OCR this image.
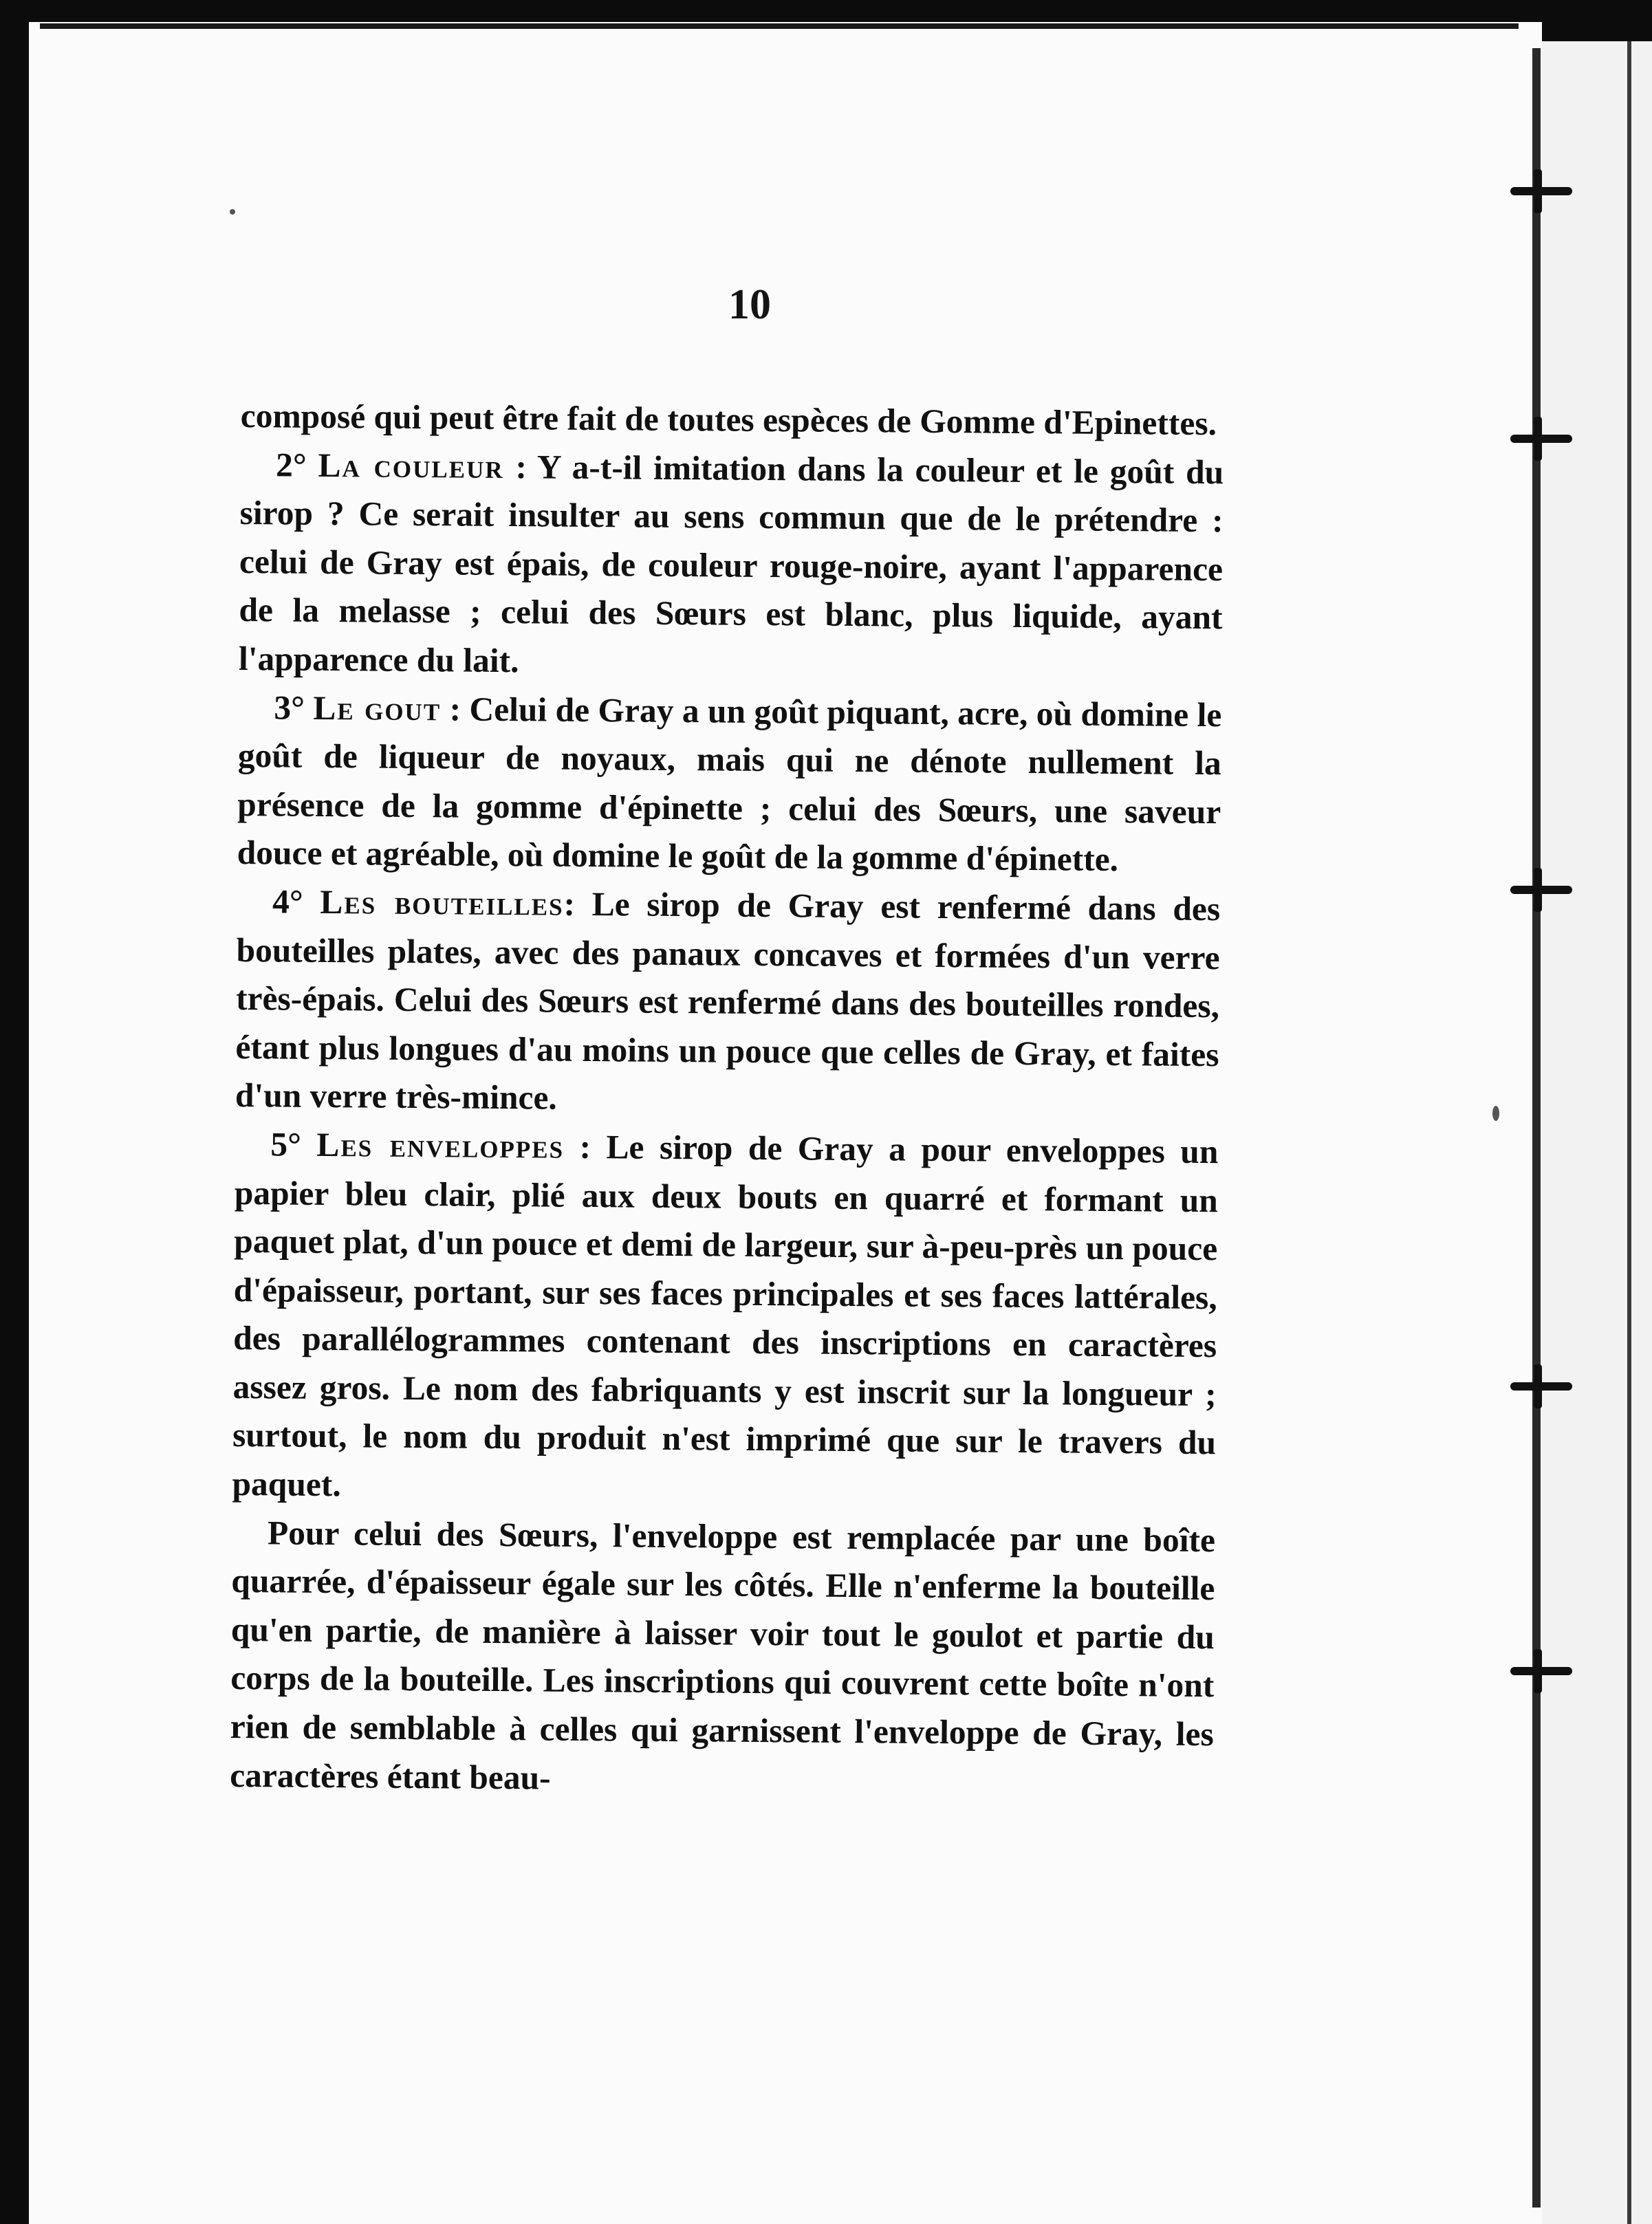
10

composé qui peut être fait de toutes espèces de Gomme d'Epinettes.

2° La couleur : Y a-t-il imitation dans la couleur et le goût du sirop ? Ce serait insulter au sens commun que de le prétendre : celui de Gray est épais, de couleur rouge-noire, ayant l'apparence de la melasse ; celui des Sœurs est blanc, plus liquide, ayant l'apparence du lait.

3° Le gout : Celui de Gray a un goût piquant, acre, où domine le goût de liqueur de noyaux, mais qui ne dénote nullement la présence de la gomme d'épinette ; celui des Sœurs, une saveur douce et agréable, où domine le goût de la gomme d'épinette.

4° Les bouteilles: Le sirop de Gray est renfermé dans des bouteilles plates, avec des panaux concaves et formées d'un verre très-épais. Celui des Sœurs est renfermé dans des bouteilles rondes, étant plus longues d'au moins un pouce que celles de Gray, et faites d'un verre très-mince.

5° Les enveloppes : Le sirop de Gray a pour enveloppes un papier bleu clair, plié aux deux bouts en quarré et formant un paquet plat, d'un pouce et demi de largeur, sur à-peu-près un pouce d'épaisseur, portant, sur ses faces principales et ses faces lattérales, des parallélogrammes contenant des inscriptions en caractères assez gros. Le nom des fabriquants y est inscrit sur la longueur ; surtout, le nom du produit n'est imprimé que sur le travers du paquet.

Pour celui des Sœurs, l'enveloppe est remplacée par une boîte quarrée, d'épaisseur égale sur les côtés. Elle n'enferme la bouteille qu'en partie, de manière à laisser voir tout le goulot et partie du corps de la bouteille. Les inscriptions qui couvrent cette boîte n'ont rien de semblable à celles qui garnissent l'enveloppe de Gray, les caractères étant beau-
